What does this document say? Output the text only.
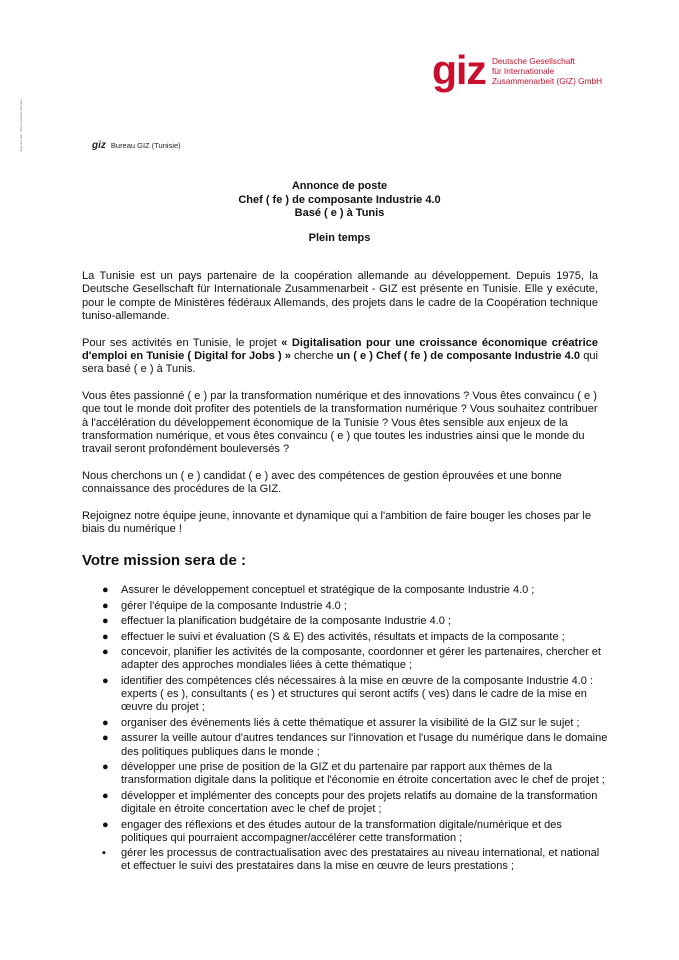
Siège de la GIZ – Bonn et Eschborn, Allemagne
giz Deutsche Gesellschaft
für Internationale
Zusammenarbeit (GIZ) GmbH
giz Bureau GIZ (Tunisie)
Annonce de poste
Chef ( fe ) de composante Industrie 4.0
Basé ( e ) à Tunis
Plein temps

La Tunisie est un pays partenaire de la coopération allemande au développement. Depuis 1975, la Deutsche Gesellschaft für Internationale Zusammenarbeit - GIZ est présente en Tunisie. Elle y exécute, pour le compte de Ministères fédéraux Allemands, des projets dans le cadre de la Coopération technique tuniso-allemande.

Pour ses activités en Tunisie, le projet « Digitalisation pour une croissance économique créatrice d'emploi en Tunisie ( Digital for Jobs ) » cherche un ( e ) Chef ( fe ) de composante Industrie 4.0 qui sera basé ( e ) à Tunis.

Vous êtes passionné ( e ) par la transformation numérique et des innovations ? Vous êtes convaincu ( e ) que tout le monde doit profiter des potentiels de la transformation numérique ? Vous souhaitez contribuer à l'accélération du développement économique de la Tunisie ? Vous êtes sensible aux enjeux de la transformation numérique, et vous êtes convaincu ( e ) que toutes les industries ainsi que le monde du travail seront profondément bouleversés ?

Nous cherchons un ( e ) candidat ( e ) avec des compétences de gestion éprouvées et une bonne connaissance des procédures de la GIZ.

Rejoignez notre équipe jeune, innovante et dynamique qui a l'ambition de faire bouger les choses par le biais du numérique !

Votre mission sera de :
● Assurer le développement conceptuel et stratégique de la composante Industrie 4.0 ;
● gérer l'équipe de la composante Industrie 4.0 ;
● effectuer la planification budgétaire de la composante Industrie 4.0 ;
● effectuer le suivi et évaluation (S & E) des activités, résultats et impacts de la composante ;
● concevoir, planifier les activités de la composante, coordonner et gérer les partenaires, chercher et adapter des approches mondiales liées à cette thématique ;
● identifier des compétences clés nécessaires à la mise en œuvre de la composante Industrie 4.0 : experts ( es ), consultants ( es ) et structures qui seront actifs ( ves) dans le cadre de la mise en œuvre du projet ;
● organiser des événements liés à cette thématique et assurer la visibilité de la GIZ sur le sujet ;
● assurer la veille autour d'autres tendances sur l'innovation et l'usage du numérique dans le domaine des politiques publiques dans le monde ;
● développer une prise de position de la GIZ et du partenaire par rapport aux thèmes de la transformation digitale dans la politique et l'économie en étroite concertation avec le chef de projet ;
● développer et implémenter des concepts pour des projets relatifs au domaine de la transformation digitale en étroite concertation avec le chef de projet ;
● engager des réflexions et des études autour de la transformation digitale/numérique et des politiques qui pourraient accompagner/accélérer cette transformation ;
▪ gérer les processus de contractualisation avec des prestataires au niveau international, et national et effectuer le suivi des prestataires dans la mise en œuvre de leurs prestations ;
